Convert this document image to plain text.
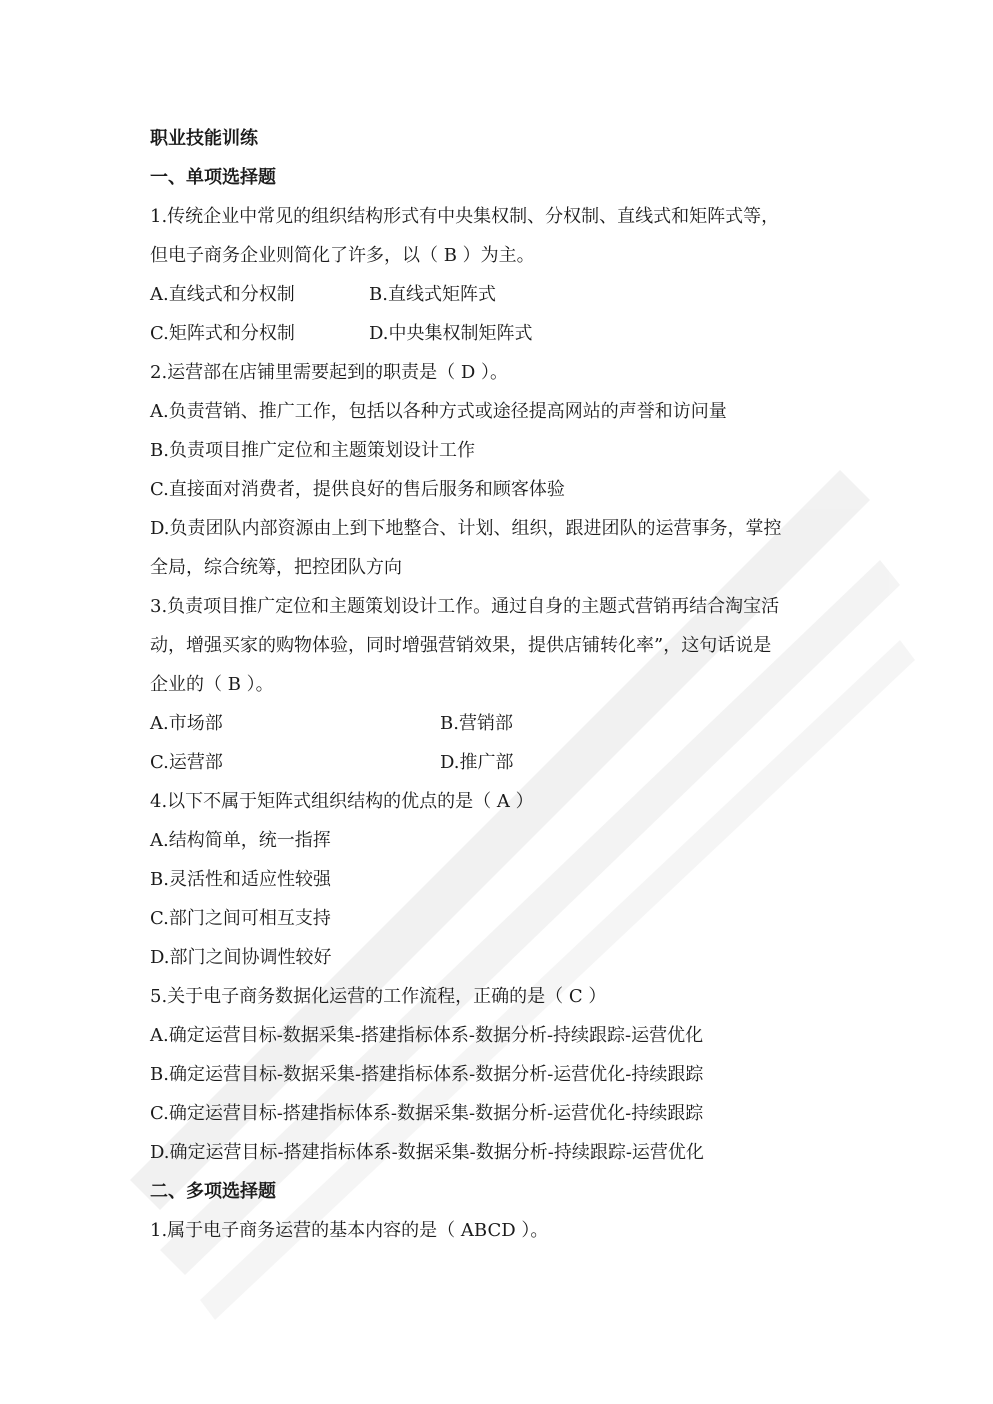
职业技能训练
一、单项选择题
1.传统企业中常见的组织结构形式有中央集权制、分权制、直线式和矩阵式等，
但电子商务企业则简化了许多，以（ B ）为主。
A.直线式和分权制	B.直线式矩阵式
C.矩阵式和分权制	D.中央集权制矩阵式
2.运营部在店铺里需要起到的职责是（ D ）。
A.负责营销、推广工作，包括以各种方式或途径提高网站的声誉和访问量
B.负责项目推广定位和主题策划设计工作
C.直接面对消费者，提供良好的售后服务和顾客体验
D.负责团队内部资源由上到下地整合、计划、组织，跟进团队的运营事务，掌控
全局，综合统筹，把控团队方向
3.负责项目推广定位和主题策划设计工作。通过自身的主题式营销再结合淘宝活
动，增强买家的购物体验，同时增强营销效果，提供店铺转化率”，这句话说是
企业的（ B ）。
A.市场部	B.营销部
C.运营部	D.推广部
4.以下不属于矩阵式组织结构的优点的是（ A ）
A.结构简单，统一指挥
B.灵活性和适应性较强
C.部门之间可相互支持
D.部门之间协调性较好
5.关于电子商务数据化运营的工作流程，正确的是（ C ）
A.确定运营目标-数据采集-搭建指标体系-数据分析-持续跟踪-运营优化
B.确定运营目标-数据采集-搭建指标体系-数据分析-运营优化-持续跟踪
C.确定运营目标-搭建指标体系-数据采集-数据分析-运营优化-持续跟踪
D.确定运营目标-搭建指标体系-数据采集-数据分析-持续跟踪-运营优化
二、多项选择题
1.属于电子商务运营的基本内容的是（ ABCD ）。
